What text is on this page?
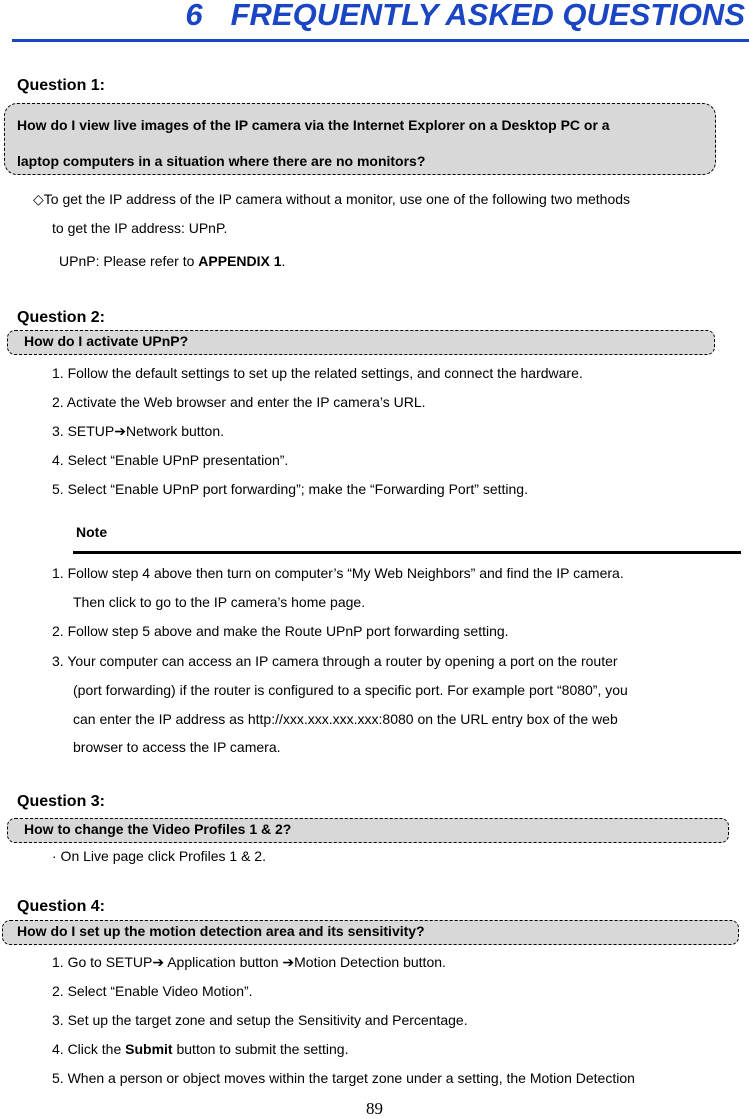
6 FREQUENTLY ASKED QUESTIONS
Question 1:
How do I view live images of the IP camera via the Internet Explorer on a Desktop PC or a
laptop computers in a situation where there are no monitors?
◇To get the IP address of the IP camera without a monitor, use one of the following two methods
to get the IP address: UPnP.
UPnP: Please refer to APPENDIX 1.
Question 2:
How do I activate UPnP?
1. Follow the default settings to set up the related settings, and connect the hardware.
2. Activate the Web browser and enter the IP camera’s URL.
3. SETUP➔Network button.
4. Select “Enable UPnP presentation”.
5. Select “Enable UPnP port forwarding”; make the “Forwarding Port” setting.
Note
1. Follow step 4 above then turn on computer’s “My Web Neighbors” and find the IP camera.
Then click to go to the IP camera’s home page.
2. Follow step 5 above and make the Route UPnP port forwarding setting.
3. Your computer can access an IP camera through a router by opening a port on the router
(port forwarding) if the router is configured to a specific port. For example port “8080”, you
can enter the IP address as http://xxx.xxx.xxx.xxx:8080 on the URL entry box of the web
browser to access the IP camera.
Question 3:
How to change the Video Profiles 1 & 2?
· On Live page click Profiles 1 & 2.
Question 4:
How do I set up the motion detection area and its sensitivity?
1. Go to SETUP➔ Application button ➔Motion Detection button.
2. Select “Enable Video Motion”.
3. Set up the target zone and setup the Sensitivity and Percentage.
4. Click the Submit button to submit the setting.
5. When a person or object moves within the target zone under a setting, the Motion Detection
89
